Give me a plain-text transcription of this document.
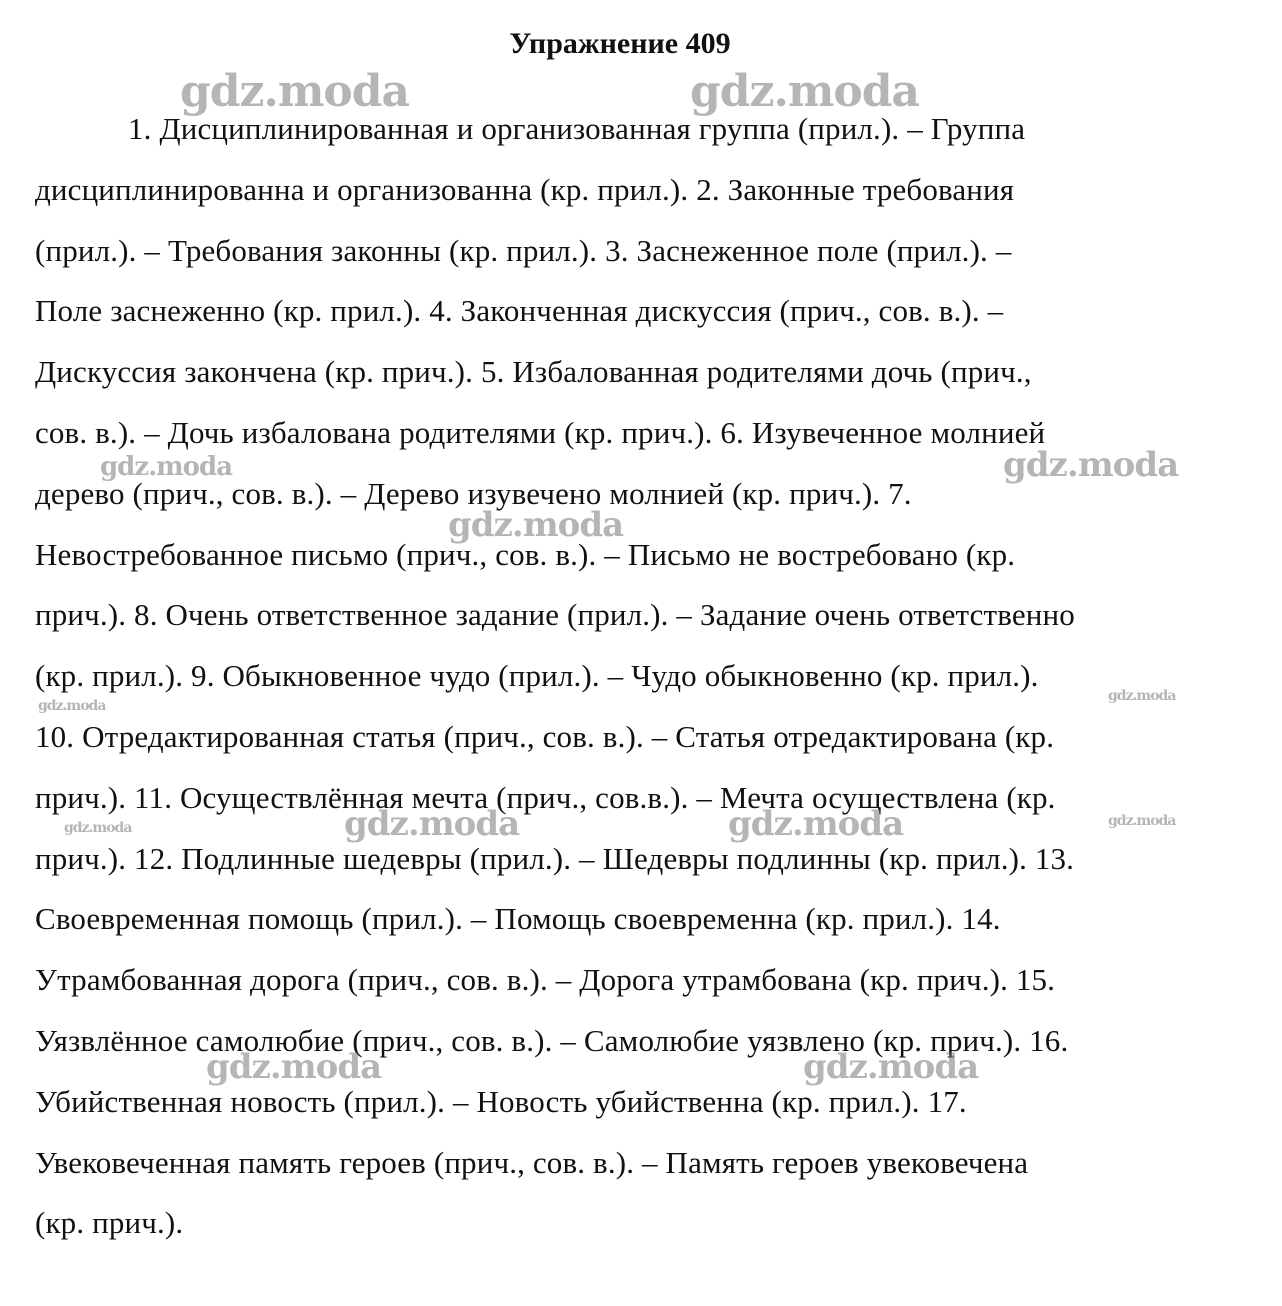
Упражнение 409
1. Дисциплинированная и организованная группа (прил.). – Группа
дисциплинированна и организованна (кр. прил.). 2. Законные требования
(прил.). – Требования законны (кр. прил.). 3. Заснеженное поле (прил.). –
Поле заснеженно (кр. прил.). 4. Законченная дискуссия (прич., сов. в.). –
Дискуссия закончена (кр. прич.). 5. Избалованная родителями дочь (прич.,
сов. в.). – Дочь избалована родителями (кр. прич.). 6. Изувеченное молнией
дерево (прич., сов. в.). – Дерево изувечено молнией (кр. прич.). 7.
Невостребованное письмо (прич., сов. в.). – Письмо не востребовано (кр.
прич.). 8. Очень ответственное задание (прил.). – Задание очень ответственно
(кр. прил.). 9. Обыкновенное чудо (прил.). – Чудо обыкновенно (кр. прил.).
10. Отредактированная статья (прич., сов. в.). – Статья отредактирована (кр.
прич.). 11. Осуществлённая мечта (прич., сов.в.). – Мечта осуществлена (кр.
прич.). 12. Подлинные шедевры (прил.). – Шедевры подлинны (кр. прил.). 13.
Своевременная помощь (прил.). – Помощь своевременна (кр. прил.). 14.
Утрамбованная дорога (прич., сов. в.). – Дорога утрамбована (кр. прич.). 15.
Уязвлённое самолюбие (прич., сов. в.). – Самолюбие уязвлено (кр. прич.). 16.
Убийственная новость (прил.). – Новость убийственна (кр. прил.). 17.
Увековеченная память героев (прич., сов. в.). – Память героев увековечена
(кр. прич.).
gdz.moda	gdz.moda
gdz.moda	gdz.moda
gdz.moda
gdz.moda
gdz.moda
gdz.moda	gdz.moda	gdz.moda	gdz.moda
gdz.moda	gdz.moda
